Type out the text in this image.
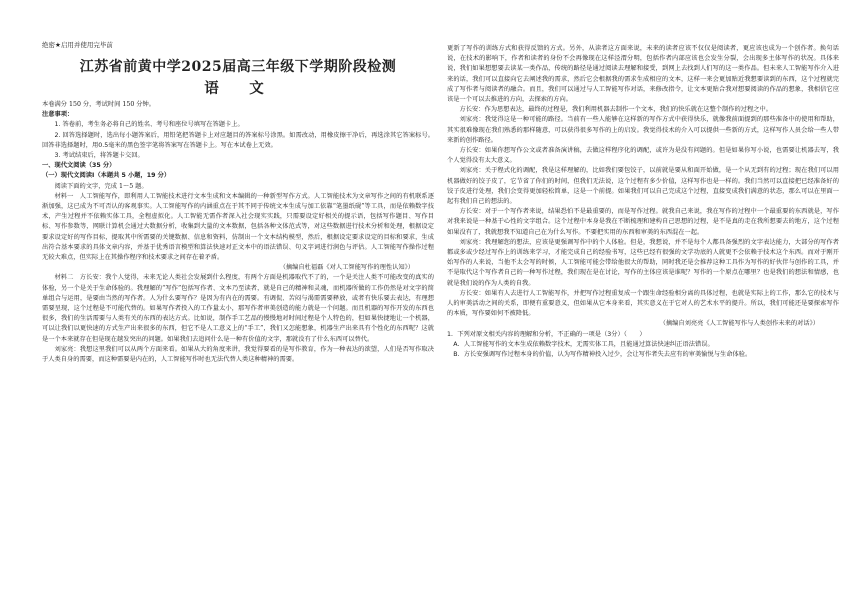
绝密★启用并使用完毕前
江苏省前黄中学2025届高三年级下学期阶段检测
语　文

本卷满分 150 分，考试时间 150 分钟。

注意事项：

1. 答卷前，考生务必将自己的姓名、考号和座位号填写在答题卡上。

2. 回答选择题时，选出每小题答案后，用铅笔把答题卡上对应题目的答案标号涂黑。如需改动，用橡皮擦干净后，再选涂其它答案标号。回答非选择题时，用0.5毫米的黑色签字笔将答案写在答题卡上。写在本试卷上无效。

3. 考试结束后，将答题卡交回。

一、现代文阅读（35 分）

（一）现代文阅读Ⅰ（本题共 5 小题，19 分）

阅读下面的文字，完成 1～5 题。

材料一　人工智能写作，即利用人工智能技术进行文本生成和文本编辑的一种新型写作方式。人工智能技术为文章写作之间的有机联系逐渐加强，这已成为不可否认的客观事实。人工智能写作的内涵重点在于其不同于传统文本生成与加工依靠“笔墨纸砚”等工具，而是依赖数字技术，产生过程并不依赖实体工具，全程虚拟化。人工智能无需作者深入社会现实实践，只需要设定好相关的提示语，包括写作题目、写作目标、写作参数等，网联计算机会通过大数据分析，收集到大量的文本数据，包括各种文体范式等，对这些数据进行技术分析和处理，根据设定要求设定好的写作目标，提取其中所需要的关键数据、信息和资料，仿制出一个文本结构模型，然后，根据设定要求设定的目标和要求，生成出符合基本要求的具体文章内容，并基于优秀语言模型和算法快速对正文本中的语法错误、句义字词进行润色与评估。人工智能写作操作过程无较大难点，但实际上在其操作程序和技术要求之间存在着矛盾。

（摘编自杜福磊《对人工智能写作的理性认知》）

材料二　方长安：我个人觉得，未来无论人类社会发展到什么程度，有两个方面是机器取代不了的，一个是关注人类不可能改变的真实的体验，另一个是关于生命体验的。我理解的“写作”包括写作者、文本乃至读者，就是自己的精神和灵魂，而机器所做的工作仍然是对文字的简单组合与运用，是要由当然的写作者。人为什么要写作？是因为有内在的需要。有调侃、苦闷与渴需需要释放，或者有快乐要去表达，有理想需要呈现，这个过程是不可能代替的。如果写作者投入的工作量太小，那写作者审美创造的能力就是一个问题。而且机器的写作开发的东西也很多，我们的生活需要与人类有关的东西的表达方式。比如说，制作手工艺品的慢慢地对时间过程是个人特色的，但如果快捷地让一个机器，可以让我们以更快速的方式生产出来很多的东西，但它不是人工意义上的“手工”，我们又怎能想象，机器生产出来具有个性化的东西呢？这就是一个本来就存在但是现在越发突出的问题。如果我们去追问什么是一种有价值的文字，那就没有了什么东西可以替代。

刘家亮：我想这里我们可以从两个方面来看。如果从大的角度来讲，我觉得要看的是写作教育，作为一种表达的欲望，人们是否写作取决于人类自身的需要，而这种需要是内在的，人工智能写作时也无法代替人类这种精神的需要。

更新了写作的训练方式和获得反馈的方式。另外，从读者这方面来说，未来的读者应该不仅仅是阅读者，更应该也成为一个创作者。换句话说，在技术的影响下，作者和读者的身份不会再像现在这样泾渭分明，包括作者内部应该也会发生分裂，会出现多主体写作的状况。具体来说，我们如果想想要去读某一类作品，传统的路径是通过阅读去理解和接受，到网上去找到人们写的这一类作品。但未来人工智能写作介入进来的话，我们可以直接向它去阐述我的需求，然后它会根据我的需求生成相应的文本，这样一来会更加贴近我想要读到的东西，这个过程就完成了写作者与阅读者的融合。而且，我们可以通过与人工智能写作对话，来修改指令，让文本更贴合我对想要阅读的作品的想象，我相信它应该是一个可以去推进的方向，去探索的方向。

方长安：作为思想表达，最终的过程是，我们利用机器去制作一个文本，我们的快乐就在这整个制作的过程之中。

刘家亮：我觉得这是一种可能的路径。当前有一些人能够在这样新的写作方式中获得快乐，就像我前面提到的那些准备中的使用和帮助，其实很难像现在我们熟悉的那样随意，可以获得很多写作的上的启发。我觉得技术的介入可以提供一些新的方式，这样写作人员会给一些人带来新的创作路径。

方长安：如果你想写作公文或者准备演讲稿，去做这样程序化的调配，或许为是没有问题的。但是如果你写小说，也需要让机器去写，我个人觉得没有太大意义。

刘家亮：关于程式化的调配，我是这样理解的，比如我们要包饺子，以前就是要从和面开始做，是一个从无到有的过程；现在我们可以用机器做好的饺子皮了，它节省了你们的时间，但我们无法说，这个过程有多少价值，这样写作也是一样的。我们当然可以直接把已经准备好的饺子皮进行处理，我们会变得更加轻松简单，这是一个前提。如果我们可以自己完成这个过程，直接变成我们满意的状态，那么可以在里面一起有我们自己的想法的。

方长安：对于一个写作者来说，结果恐怕不是最重要的，而是写作过程。就我自己来说，我在写作的过程中一个最重要的东西就是，写作对我来说是一种基于心性的文字组合。这个过程中本身是我在不断梳理和建构自己思想的过程，是不是真的走在我所想要去的地方，这个过程如果没有了，我就想我不知道自己在为什么写作。不要把实用的东西和审美的东西混在一起。

刘家亮：我理解您的想法，应该是更强调写作中的个人体验。但是，我想说，并不是每个人都具备强烈的文字表达能力，大部分的写作者都或多或少经过写作上的训练来学习，才能完成自己的经验书写，这些已经有很强的文学功底的人就更不会依赖于技术这个东西。而对于刚开始写作的人来说，当他不太会写的时候，人工智能可能会带给他很大的帮助，同时我还是会推荐这种工具作为写作的好伙伴与创作的工具，并不是取代这个写作者自己的一种写作过程，我们现在是在讨论，写作的主体应该是谁呢？写作的一个原点在哪里？也是我们的想法和情感，也就是我们说的作为人类的自我。

方长安：如果有人去进行人工智能写作，并把写作过程重复成一个跟生命经验相分离的具体过程，也就是实际上的工作，那么它的技术与人的审美活动之间的关系，即便有重要意义，但如果从它本身来看，其实意义在于它对人的艺术水平的提升。所以，我们可能还是要探索写作的本质，写作要如何不被降低。

（摘编自刘亮亮《人工智能写作与人类创作未来的对话》）

1．下列对原文相关内容的理解和分析，不正确的一项是（3分）（　　）

A．人工智能写作的文本生成依赖数字技术，无需实体工具，且能通过算法快速纠正语法错误。

B．方长安强调写作过程本身的价值，认为写作精神投入过少，会让写作者失去应有的审美愉悦与生命体验。
